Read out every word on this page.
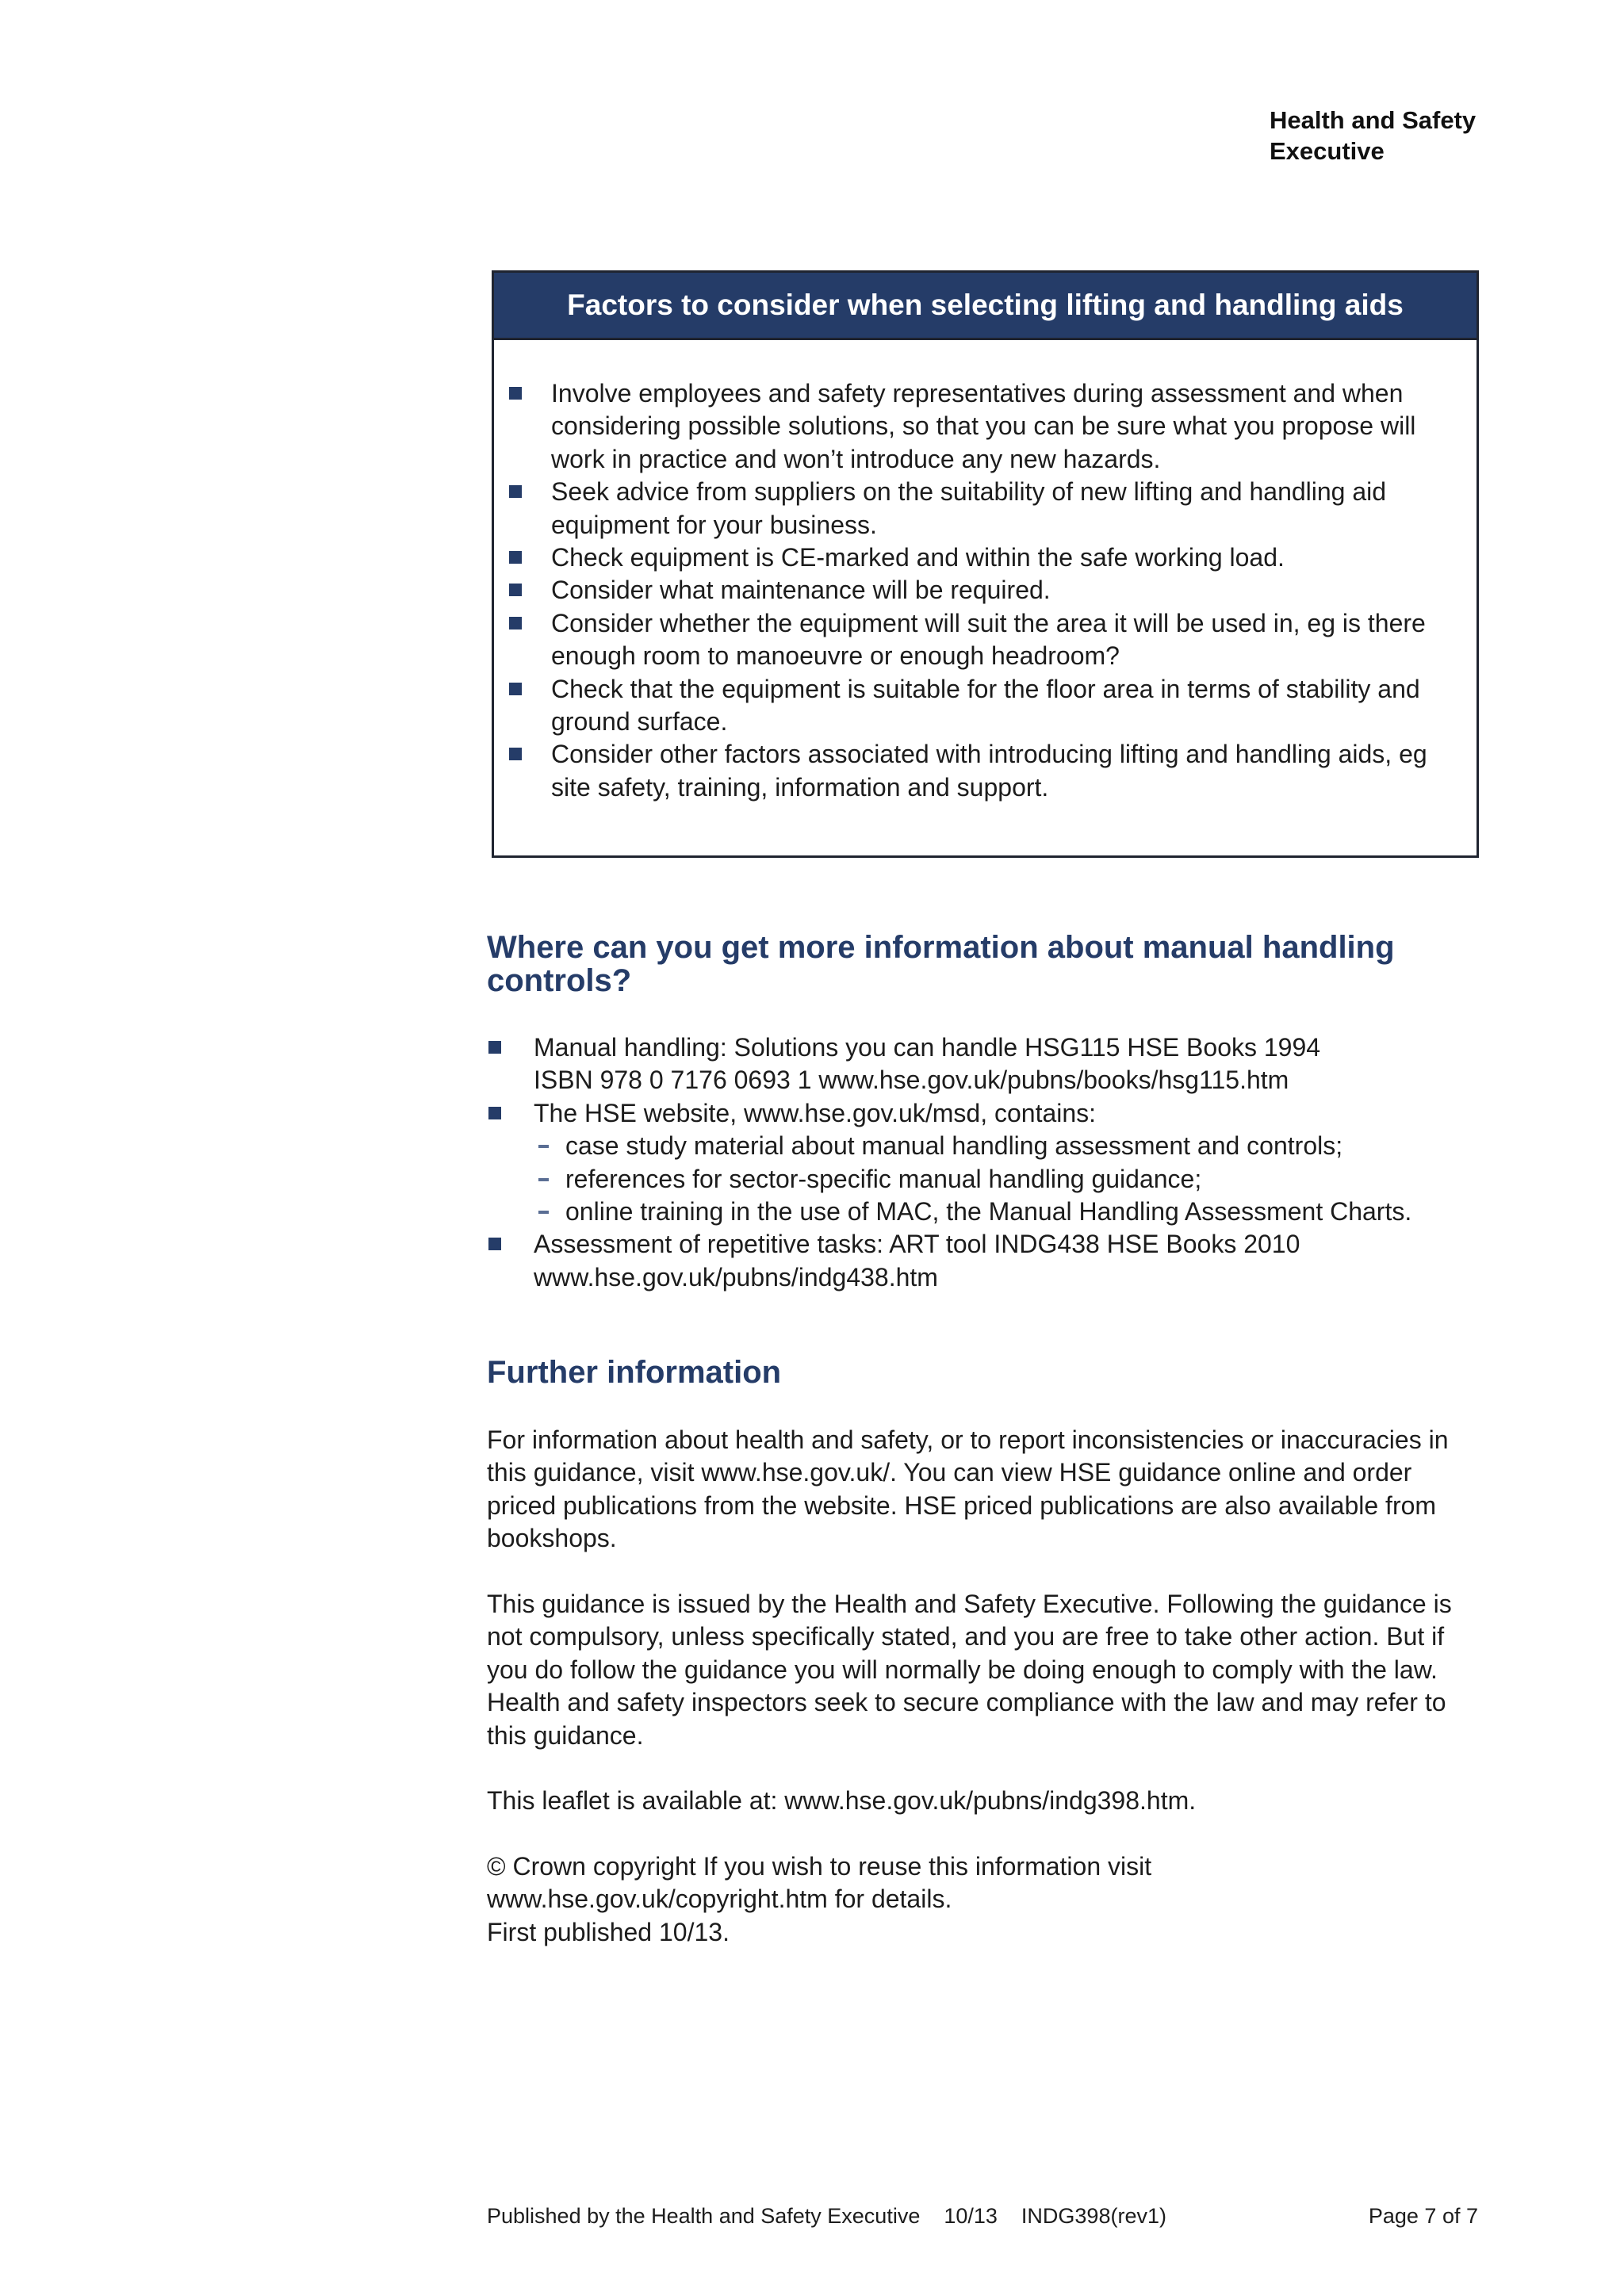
Health and Safety
Executive
Factors to consider when selecting lifting and handling aids
Involve employees and safety representatives during assessment and when considering possible solutions, so that you can be sure what you propose will work in practice and won’t introduce any new hazards.
Seek advice from suppliers on the suitability of new lifting and handling aid equipment for your business.
Check equipment is CE-marked and within the safe working load.
Consider what maintenance will be required.
Consider whether the equipment will suit the area it will be used in, eg is there enough room to manoeuvre or enough headroom?
Check that the equipment is suitable for the floor area in terms of stability and ground surface.
Consider other factors associated with introducing lifting and handling aids, eg site safety, training, information and support.
Where can you get more information about manual handling controls?
Manual handling: Solutions you can handle HSG115 HSE Books 1994
ISBN 978 0 7176 0693 1 www.hse.gov.uk/pubns/books/hsg115.htm
The HSE website, www.hse.gov.uk/msd, contains:
case study material about manual handling assessment and controls;
references for sector-specific manual handling guidance;
online training in the use of MAC, the Manual Handling Assessment Charts.
Assessment of repetitive tasks: ART tool INDG438 HSE Books 2010
www.hse.gov.uk/pubns/indg438.htm
Further information

For information about health and safety, or to report inconsistencies or inaccuracies in this guidance, visit www.hse.gov.uk/. You can view HSE guidance online and order priced publications from the website. HSE priced publications are also available from bookshops.

This guidance is issued by the Health and Safety Executive. Following the guidance is not compulsory, unless specifically stated, and you are free to take other action. But if you do follow the guidance you will normally be doing enough to comply with the law. Health and safety inspectors seek to secure compliance with the law and may refer to this guidance.

This leaflet is available at: www.hse.gov.uk/pubns/indg398.htm.

© Crown copyright If you wish to reuse this information visit
www.hse.gov.uk/copyright.htm for details.
First published 10/13.
Published by the Health and Safety Executive    10/13    INDG398(rev1)	Page 7 of 7
